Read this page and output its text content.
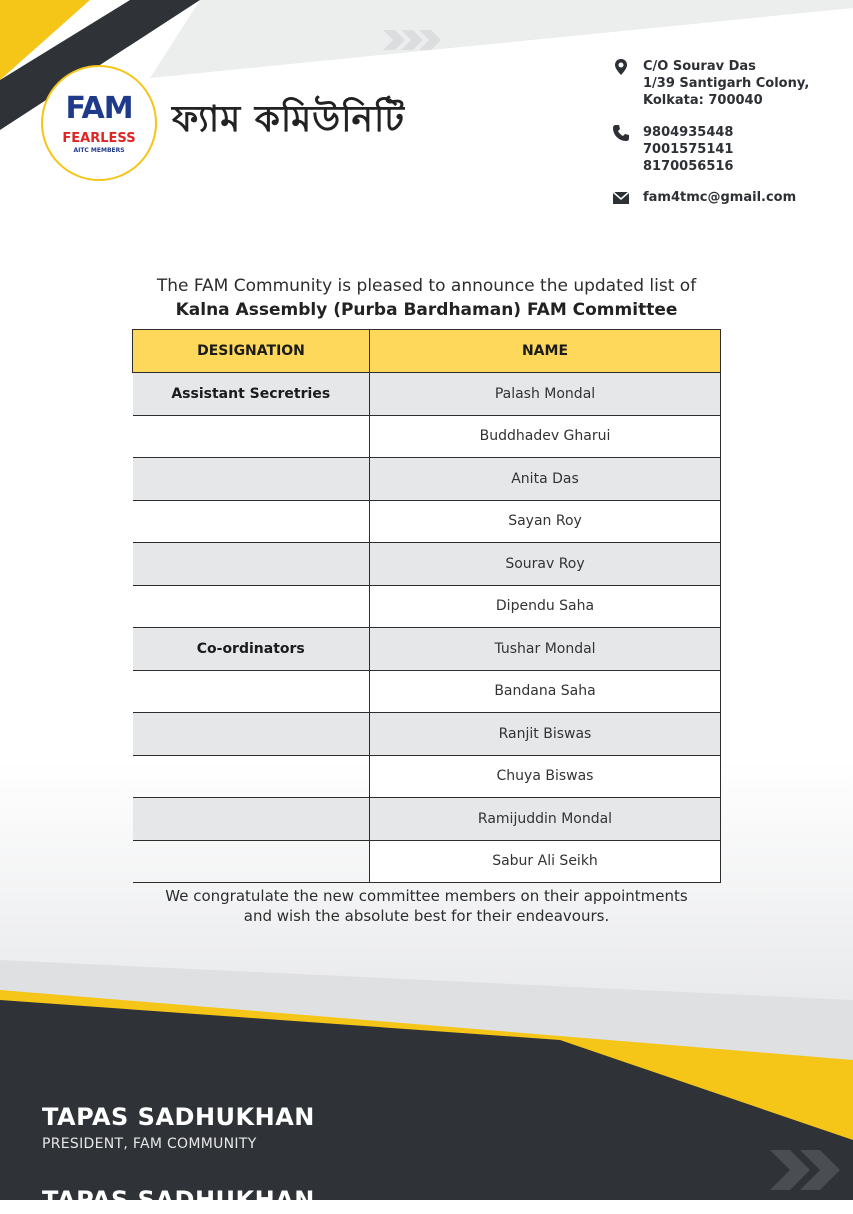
FAM
FEARLESS
AITC MEMBERS
ফ্যাম কমিউনিটি
C/O Sourav Das
1/39 Santigarh Colony,
Kolkata: 700040
9804935448
7001575141
8170056516
fam4tmc@gmail.com
The FAM Community is pleased to announce the updated list of
Kalna Assembly (Purba Bardhaman) FAM Committee
DESIGNATION	NAME
Assistant Secretries	Palash Mondal
	Buddhadev Gharui
	Anita Das
	Sayan Roy
	Sourav Roy
	Dipendu Saha
Co-ordinators	Tushar Mondal
	Bandana Saha
	Ranjit Biswas
	Chuya Biswas
	Ramijuddin Mondal
	Sabur Ali Seikh
We congratulate the new committee members on their appointments
and wish the absolute best for their endeavours.
TAPAS SADHUKHAN
PRESIDENT, FAM COMMUNITY
TAPAS SADHUKHAN
